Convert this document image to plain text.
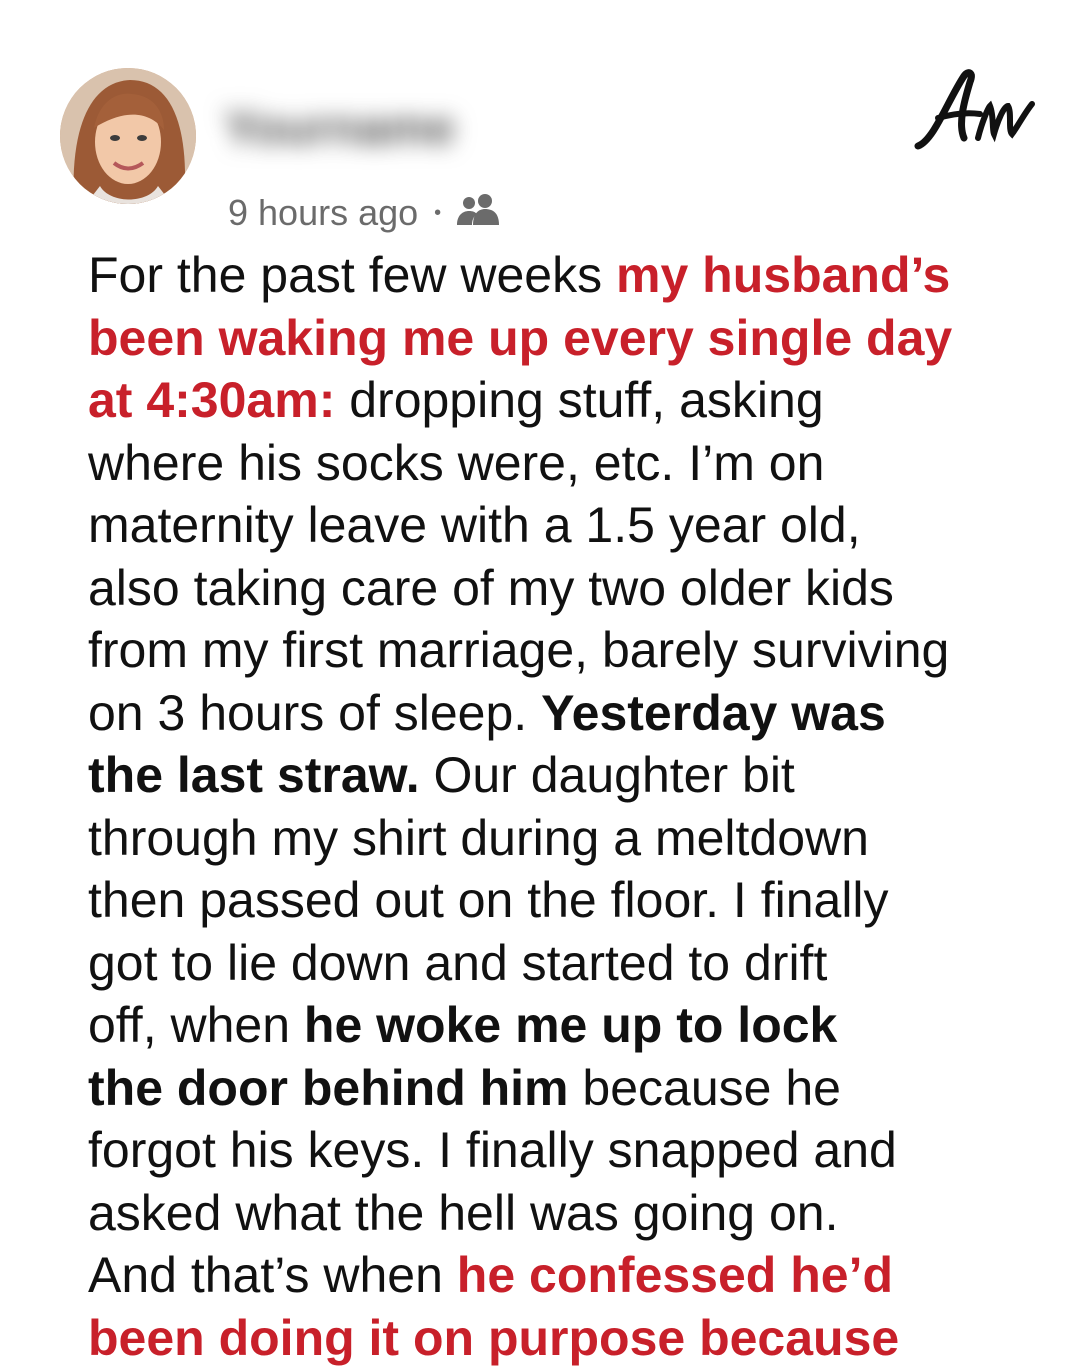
Yourname
9 hours ago •
For the past few weeks my husband’s
been waking me up every single day
at 4:30am: dropping stuff, asking
where his socks were, etc. I’m on
maternity leave with a 1.5 year old,
also taking care of my two older kids
from my first marriage, barely surviving
on 3 hours of sleep. Yesterday was
the last straw. Our daughter bit
through my shirt during a meltdown
then passed out on the floor. I finally
got to lie down and started to drift
off, when he woke me up to lock
the door behind him because he
forgot his keys. I finally snapped and
asked what the hell was going on.
And that’s when he confessed he’d
been doing it on purpose because
